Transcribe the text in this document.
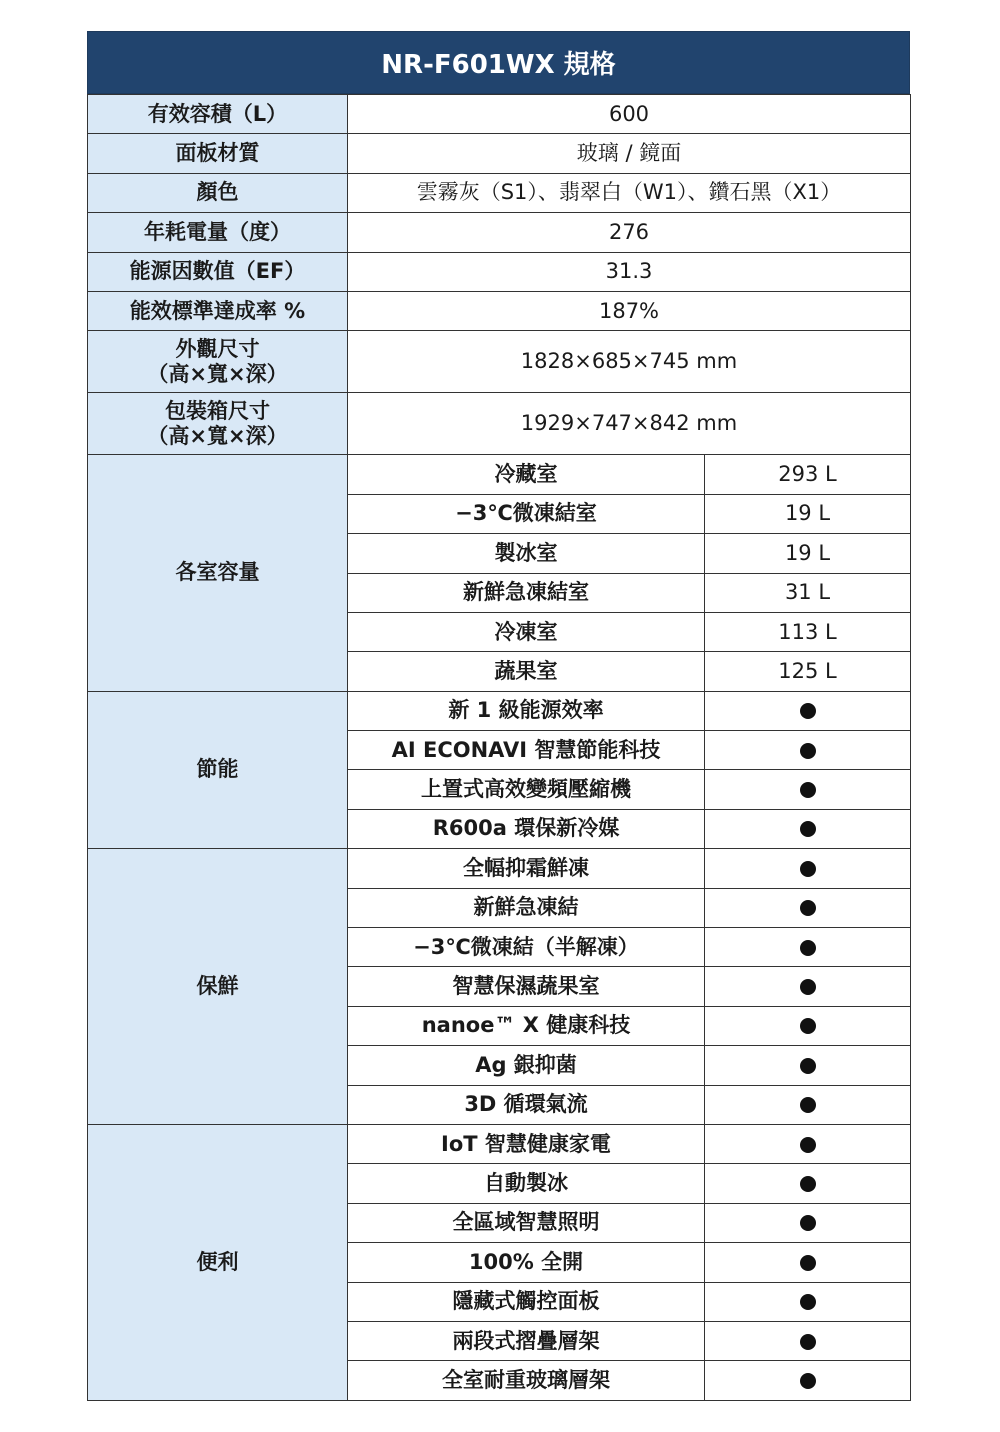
NR-F601WX 規格
有效容積（L）	600	
面板材質	玻璃 / 鏡面	
顏色	雲霧灰（S1）、翡翠白（W1）、鑽石黑（X1）	
年耗電量（度）	276	
能源因數值（EF）	31.3	
能效標準達成率 %	187%	

外觀尺寸
（高×寬×深）	1828×685×745 mm	

包裝箱尺寸
（高×寬×深）	1929×747×842 mm	
各室容量	冷藏室	293 L
	−3℃微凍結室	19 L
	製冰室	19 L
	新鮮急凍結室	31 L
	冷凍室	113 L
	蔬果室	125 L
節能	新 1 級能源效率	
	AI ECONAVI 智慧節能科技	
	上置式高效變頻壓縮機	
	R600a 環保新冷媒	
保鮮	全幅抑霜鮮凍	
	新鮮急凍結	
	−3℃微凍結（半解凍）	
	智慧保濕蔬果室	
	nanoe™ X 健康科技	
	Ag 銀抑菌	
	3D 循環氣流	
便利	IoT 智慧健康家電	
	自動製冰	
	全區域智慧照明	
	100% 全開	
	隱藏式觸控面板	
	兩段式摺疊層架	
	全室耐重玻璃層架	
